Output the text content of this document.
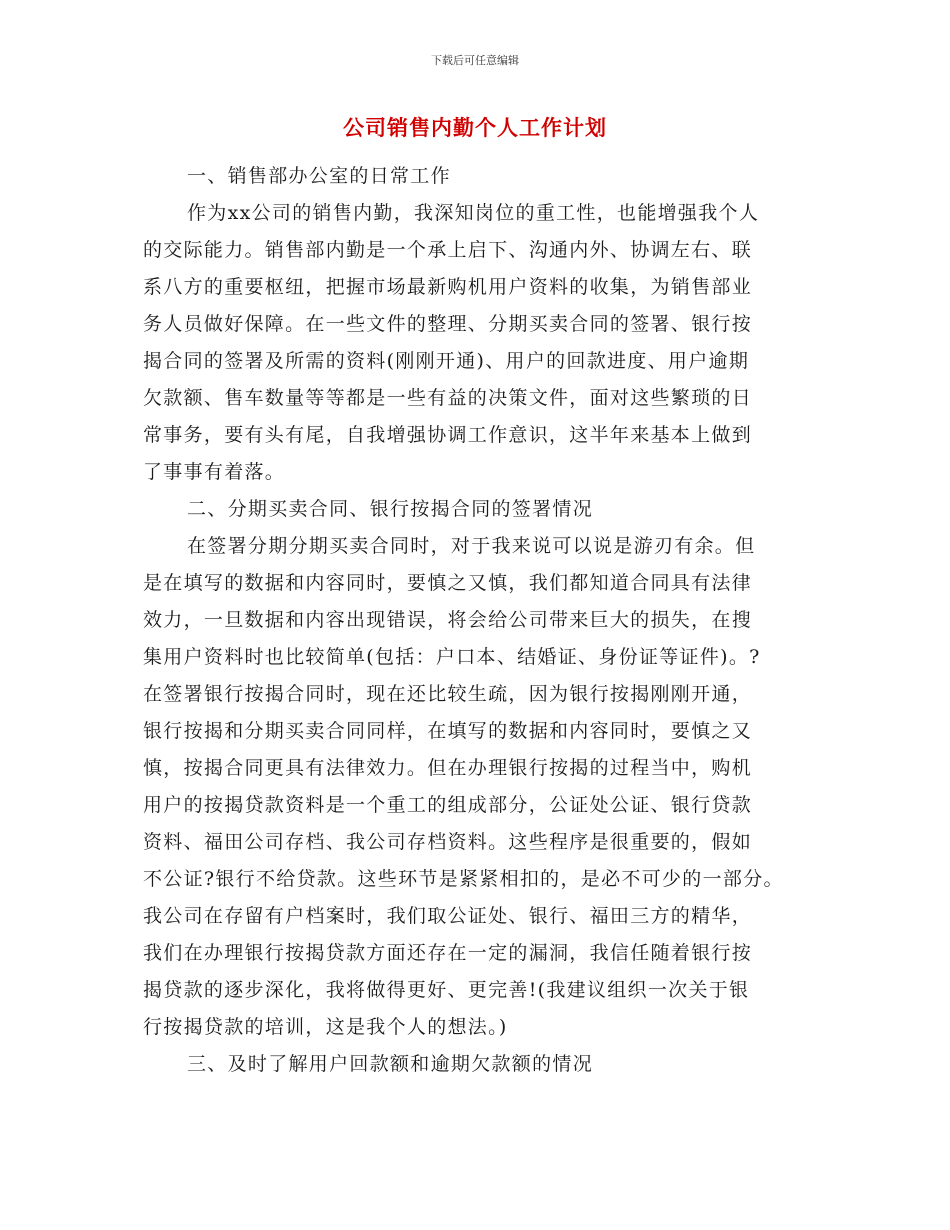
下载后可任意编辑
公司销售内勤个人工作计划
一、销售部办公室的日常工作
作为xx公司的销售内勤，我深知岗位的重工性，也能增强我个人
的交际能力。销售部内勤是一个承上启下、沟通内外、协调左右、联
系八方的重要枢纽，把握市场最新购机用户资料的收集，为销售部业
务人员做好保障。在一些文件的整理、分期买卖合同的签署、银行按
揭合同的签署及所需的资料(刚刚开通)、用户的回款进度、用户逾期
欠款额、售车数量等等都是一些有益的决策文件，面对这些繁琐的日
常事务，要有头有尾，自我增强协调工作意识，这半年来基本上做到
了事事有着落。
二、分期买卖合同、银行按揭合同的签署情况
在签署分期分期买卖合同时，对于我来说可以说是游刃有余。但
是在填写的数据和内容同时，要慎之又慎，我们都知道合同具有法律
效力，一旦数据和内容出现错误，将会给公司带来巨大的损失，在搜
集用户资料时也比较简单(包括：户口本、结婚证、身份证等证件)。?
在签署银行按揭合同时，现在还比较生疏，因为银行按揭刚刚开通，
银行按揭和分期买卖合同同样，在填写的数据和内容同时，要慎之又
慎，按揭合同更具有法律效力。但在办理银行按揭的过程当中，购机
用户的按揭贷款资料是一个重工的组成部分，公证处公证、银行贷款
资料、福田公司存档、我公司存档资料。这些程序是很重要的，假如
不公证?银行不给贷款。这些环节是紧紧相扣的，是必不可少的一部分。
我公司在存留有户档案时，我们取公证处、银行、福田三方的精华，
我们在办理银行按揭贷款方面还存在一定的漏洞，我信任随着银行按
揭贷款的逐步深化，我将做得更好、更完善!(我建议组织一次关于银
行按揭贷款的培训，这是我个人的想法。)
三、及时了解用户回款额和逾期欠款额的情况
